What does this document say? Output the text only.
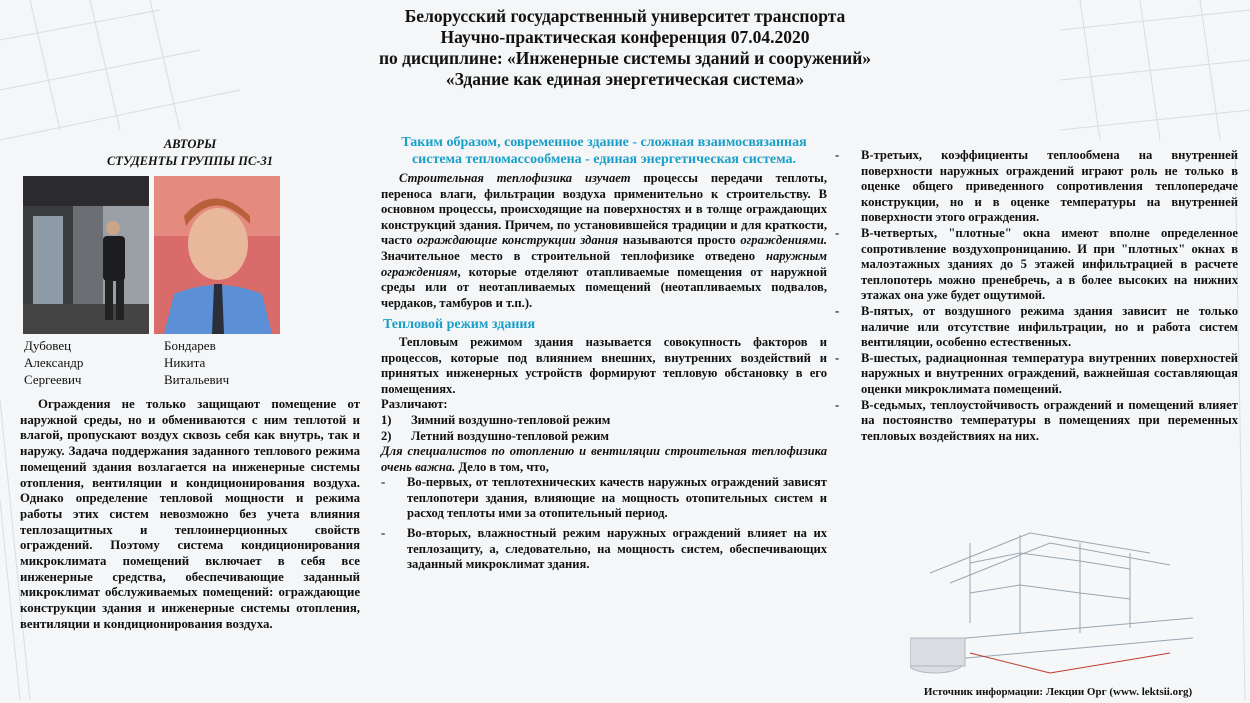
Белорусский государственный университет транспорта
Научно-практическая конференция 07.04.2020
по дисциплине: «Инженерные системы зданий и сооружений»
«Здание как единая энергетическая система»
АВТОРЫ
СТУДЕНТЫ ГРУППЫ ПС-31
Дубовец
Александр
Сергеевич
Бондарев
Никита
Витальевич
Ограждения не только защищают помещение от наружной среды, но и обмениваются с ним теплотой и влагой, пропускают воздух сквозь себя как внутрь, так и наружу. Задача поддержания заданного теплового режима помещений здания возлагается на инженерные системы отопления, вентиляции и кондиционирования воздуха. Однако определение тепловой мощности и режима работы этих систем невозможно без учета влияния теплозащитных и теплоинерционных свойств ограждений. Поэтому система кондиционирования микроклимата помещений включает в себя все инженерные средства, обеспечивающие заданный микроклимат обслуживаемых помещений: ограждающие конструкции здания и инженерные системы отопления, вентиляции и кондиционирования воздуха.
Таким образом, современное здание - сложная взаимосвязанная система тепломассообмена - единая энергетическая система.

Строительная теплофизика изучает процессы передачи теплоты, переноса влаги, фильтрации воздуха применительно к строительству. В основном процессы, происходящие на поверхностях и в толще ограждающих конструкций здания. Причем, по установившейся традиции и для краткости, часто ограждающие конструкции здания называются просто ограждениями. Значительное место в строительной теплофизике отведено наружным ограждениям, которые отделяют отапливаемые помещения от наружной среды или от неотапливаемых помещений (неотапливаемых подвалов, чердаков, тамбуров и т.п.).

Тепловой режим здания

Тепловым режимом здания называется совокупность факторов и процессов, которые под влиянием внешних, внутренних воздействий и принятых инженерных устройств формируют тепловую обстановку в его помещениях.

Различают:

1)	Зимний воздушно-тепловой режим
2)	Летний воздушно-тепловой режим

Для специалистов по отоплению и вентиляции строительная теплофизика очень важна. Дело в том, что,

-	Во-первых, от теплотехнических качеств наружных ограждений зависят теплопотери здания, влияющие на мощность отопительных систем и расход теплоты ими за отопительный период.
-	Во-вторых, влажностный режим наружных ограждений влияет на их теплозащиту, а, следовательно, на мощность систем, обеспечивающих заданный микроклимат здания.
-	В-третьих, коэффициенты теплообмена на внутренней поверхности наружных ограждений играют роль не только в оценке общего приведенного сопротивления теплопередаче конструкции, но и в оценке температуры на внутренней поверхности этого ограждения.
-	В-четвертых, "плотные" окна имеют вполне определенное сопротивление воздухопроницанию. И при "плотных" окнах в малоэтажных зданиях до 5 этажей инфильтрацией в расчете теплопотерь можно пренебречь, а в более высоких на нижних этажах она уже будет ощутимой.
-	В-пятых, от воздушного режима здания зависит не только наличие или отсутствие инфильтрации, но и работа систем вентиляции, особенно естественных.
-	В-шестых, радиационная температура внутренних поверхностей наружных и внутренних ограждений, важнейшая составляющая оценки микроклимата помещений.
-	В-седьмых, теплоустойчивость ограждений и помещений влияет на постоянство температуры в помещениях при переменных тепловых воздействиях на них.
Источник информации: Лекции Орг (www. lektsii.org)
